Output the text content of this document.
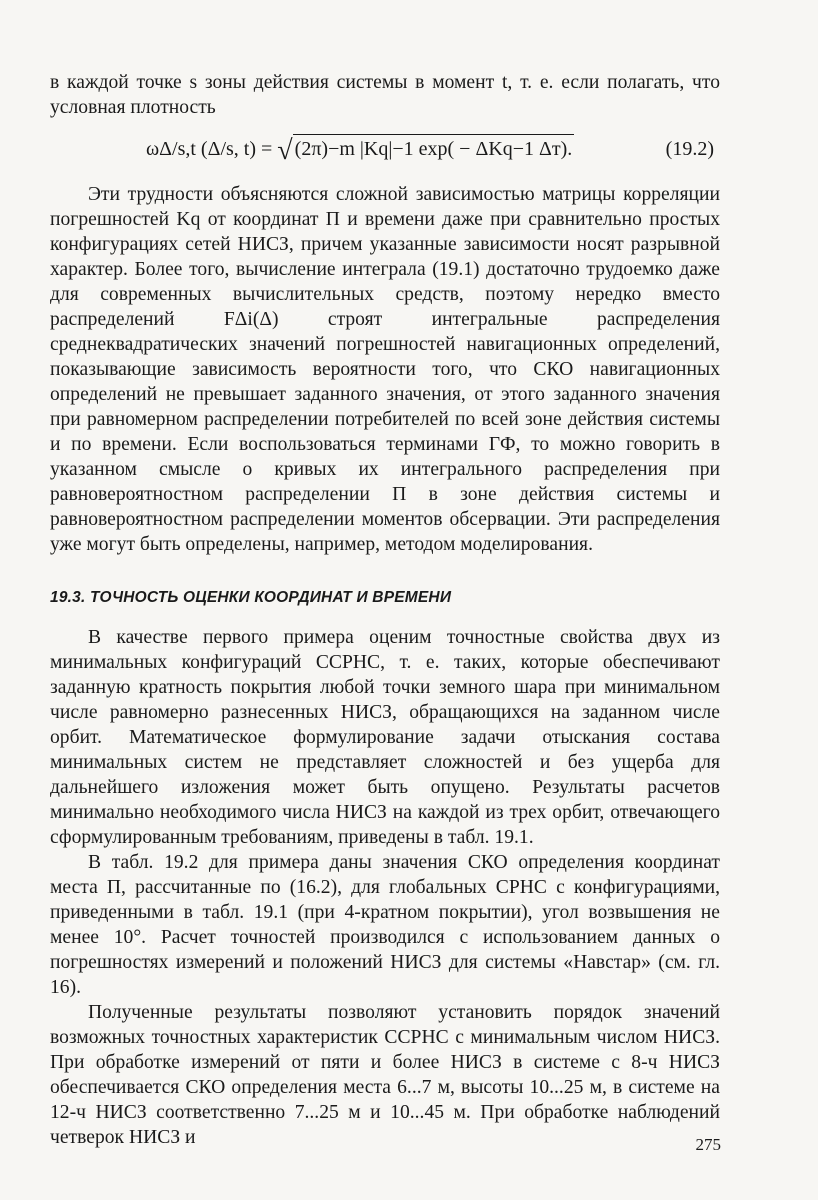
в каждой точке s зоны действия системы в момент t, т. е. если полагать, что условная плотность

ωΔ/s,t (Δ/s, t) = √ (2π)−m |Kq|−1 exp( − ΔKq−1 Δт).	(19.2)

Эти трудности объясняются сложной зависимостью матрицы корреляции погрешностей Kq от координат П и времени даже при сравнительно простых конфигурациях сетей НИСЗ, причем указанные зависимости носят разрывной характер. Более того, вычисление интеграла (19.1) достаточно трудоемко даже для современных вычислительных средств, поэтому нередко вместо распределений FΔi(Δ) строят интегральные распределения среднеквадратических значений погрешностей навигационных определений, показывающие зависимость вероятности того, что СКО навигационных определений не превышает заданного значения, от этого заданного значения при равномерном распределении потребителей по всей зоне действия системы и по времени. Если воспользоваться терминами ГФ, то можно говорить в указанном смысле о кривых их интегрального распределения при равновероятностном распределении П в зоне действия системы и равновероятностном распределении моментов обсервации. Эти распределения уже могут быть определены, например, методом моделирования.

19.3. ТОЧНОСТЬ ОЦЕНКИ КООРДИНАТ И ВРЕМЕНИ

В качестве первого примера оценим точностные свойства двух из минимальных конфигураций ССРНС, т. е. таких, которые обеспечивают заданную кратность покрытия любой точки земного шара при минимальном числе равномерно разнесенных НИСЗ, обращающихся на заданном числе орбит. Математическое формулирование задачи отыскания состава минимальных систем не представляет сложностей и без ущерба для дальнейшего изложения может быть опущено. Результаты расчетов минимально необходимого числа НИСЗ на каждой из трех орбит, отвечающего сформулированным требованиям, приведены в табл. 19.1.

В табл. 19.2 для примера даны значения СКО определения координат места П, рассчитанные по (16.2), для глобальных СРНС с конфигурациями, приведенными в табл. 19.1 (при 4-кратном покрытии), угол возвышения не менее 10°. Расчет точностей производился с использованием данных о погрешностях измерений и положений НИСЗ для системы «Навстар» (см. гл. 16).

Полученные результаты позволяют установить порядок значений возможных точностных характеристик ССРНС с минимальным числом НИСЗ. При обработке измерений от пяти и более НИСЗ в системе с 8-ч НИСЗ обеспечивается СКО определения места 6...7 м, высоты 10...25 м, в системе на 12-ч НИСЗ соответственно 7...25 м и 10...45 м. При обработке наблюдений четверок НИСЗ и	275
